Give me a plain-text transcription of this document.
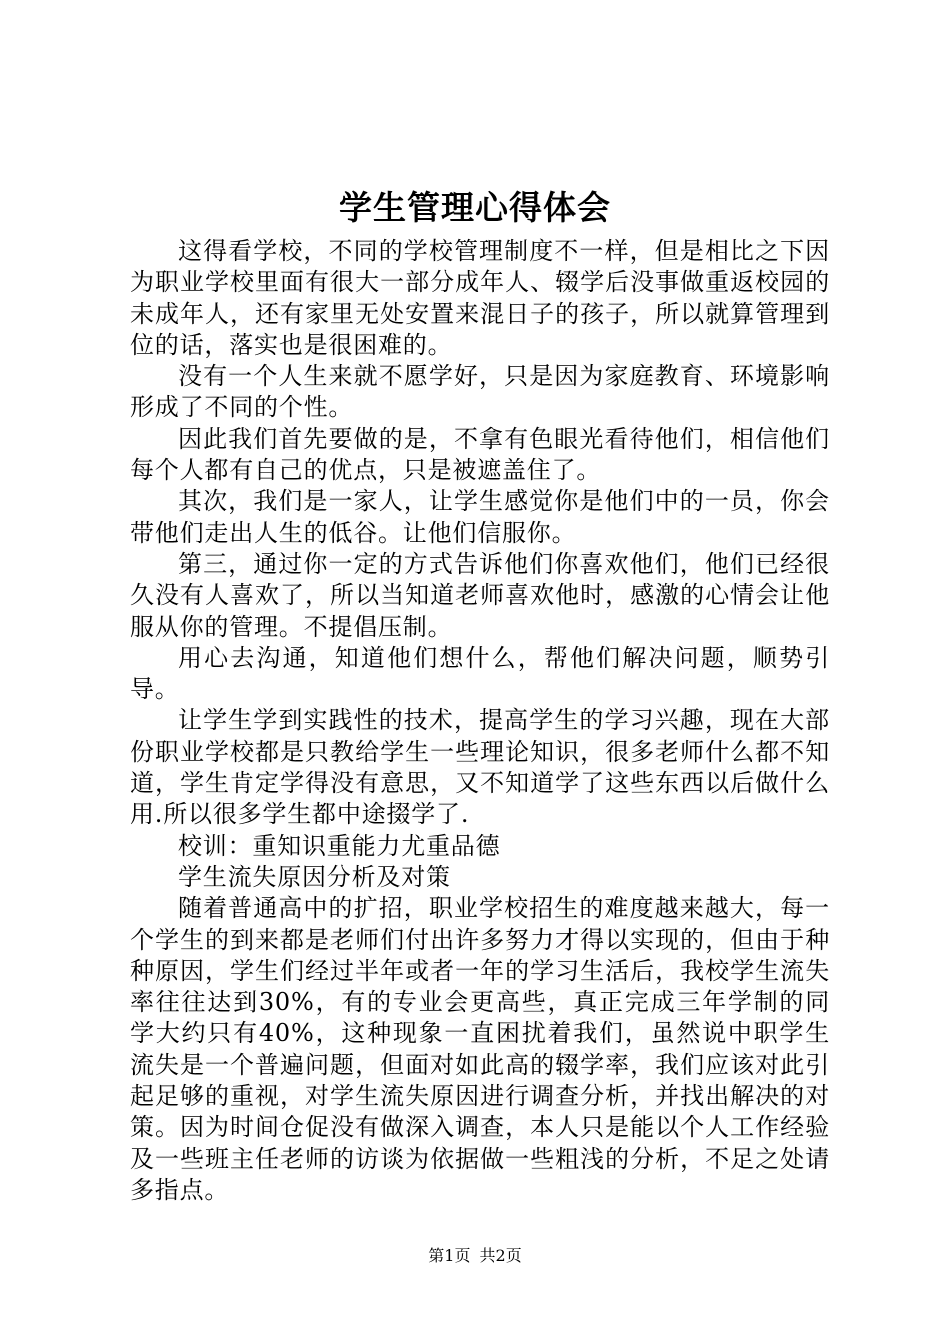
学生管理心得体会

这得看学校，不同的学校管理制度不一样，但是相比之下因为职业学校里面有很大一部分成年人、辍学后没事做重返校园的未成年人，还有家里无处安置来混日子的孩子，所以就算管理到位的话，落实也是很困难的。

没有一个人生来就不愿学好，只是因为家庭教育、环境影响形成了不同的个性。

因此我们首先要做的是，不拿有色眼光看待他们，相信他们每个人都有自己的优点，只是被遮盖住了。

其次，我们是一家人，让学生感觉你是他们中的一员，你会带他们走出人生的低谷。让他们信服你。

第三，通过你一定的方式告诉他们你喜欢他们，他们已经很久没有人喜欢了，所以当知道老师喜欢他时，感激的心情会让他服从你的管理。不提倡压制。

用心去沟通，知道他们想什么，帮他们解决问题，顺势引导。

让学生学到实践性的技术，提高学生的学习兴趣，现在大部份职业学校都是只教给学生一些理论知识，很多老师什么都不知道，学生肯定学得没有意思，又不知道学了这些东西以后做什么用.所以很多学生都中途掇学了.

校训：重知识重能力尤重品德

学生流失原因分析及对策

随着普通高中的扩招，职业学校招生的难度越来越大，每一个学生的到来都是老师们付出许多努力才得以实现的，但由于种种原因，学生们经过半年或者一年的学习生活后，我校学生流失率往往达到30%，有的专业会更高些，真正完成三年学制的同学大约只有40%，这种现象一直困扰着我们，虽然说中职学生流失是一个普遍问题，但面对如此高的辍学率，我们应该对此引起足够的重视，对学生流失原因进行调查分析，并找出解决的对策。因为时间仓促没有做深入调查，本人只是能以个人工作经验及一些班主任老师的访谈为依据做一些粗浅的分析，不足之处请多指点。

第1页 共2页
